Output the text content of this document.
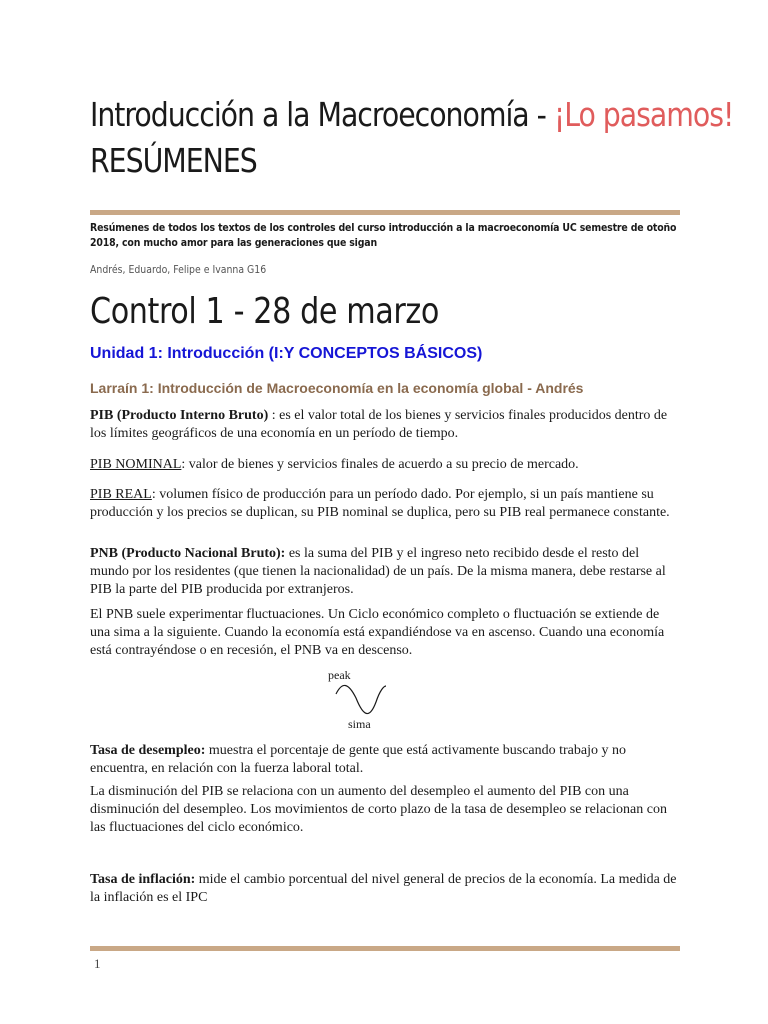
Introducción a la Macroeconomía - ¡Lo pasamos!
RESÚMENES

Resúmenes de todos los textos de los controles del curso introducción a la macroeconomía UC semestre de otoño 2018, con mucho amor para las generaciones que sigan

Andrés, Eduardo, Felipe e Ivanna G16

Control 1 - 28 de marzo
Unidad 1: Introducción (I:Y CONCEPTOS BÁSICOS)
Larraín 1: Introducción de Macroeconomía en la economía global - Andrés

PIB (Producto Interno Bruto) : es el valor total de los bienes y servicios finales producidos dentro de los límites geográficos de una economía en un período de tiempo.

PIB NOMINAL: valor de bienes y servicios finales de acuerdo a su precio de mercado.

PIB REAL: volumen físico de producción para un período dado. Por ejemplo, si un país mantiene su producción y los precios se duplican, su PIB nominal se duplica, pero su PIB real permanece constante.

PNB (Producto Nacional Bruto): es la suma del PIB y el ingreso neto recibido desde el resto del mundo por los residentes (que tienen la nacionalidad) de un país. De la misma manera, debe restarse al PIB la parte del PIB producida por extranjeros.

El PNB suele experimentar fluctuaciones. Un Ciclo económico completo o fluctuación se extiende de una sima a la siguiente. Cuando la economía está expandiéndose va en ascenso. Cuando una economía está contrayéndose o en recesión, el PNB va en descenso.

peak
sima

Tasa de desempleo: muestra el porcentaje de gente que está activamente buscando trabajo y no encuentra, en relación con la fuerza laboral total.

La disminución del PIB se relaciona con un aumento del desempleo el aumento del PIB con una disminución del desempleo. Los movimientos de corto plazo de la tasa de desempleo se relacionan con las fluctuaciones del ciclo económico.

Tasa de inflación: mide el cambio porcentual del nivel general de precios de la economía. La medida de la inflación es el IPC

1
